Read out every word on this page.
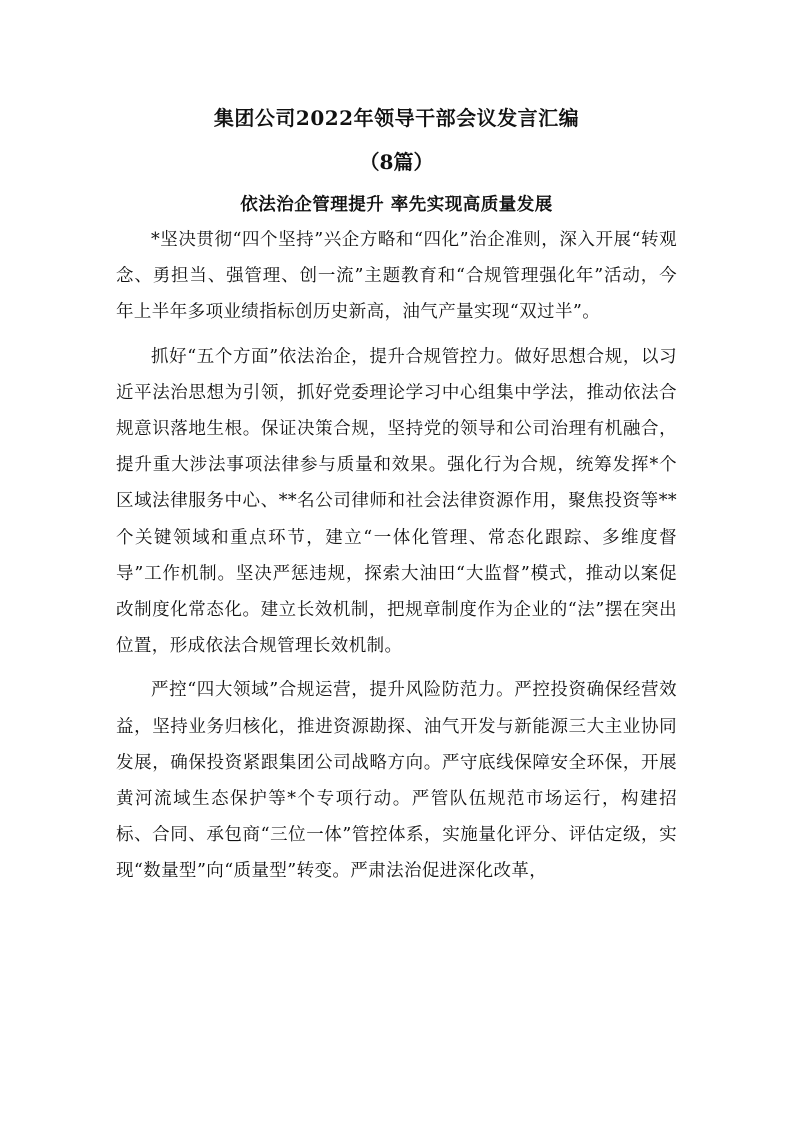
集团公司2022年领导干部会议发言汇编
（8篇）
依法治企管理提升 率先实现高质量发展

*坚决贯彻“四个坚持”兴企方略和“四化”治企准则，深入开展“转观念、勇担当、强管理、创一流”主题教育和“合规管理强化年”活动，今年上半年多项业绩指标创历史新高，油气产量实现“双过半”。

抓好“五个方面”依法治企，提升合规管控力。做好思想合规，以习近平法治思想为引领，抓好党委理论学习中心组集中学法，推动依法合规意识落地生根。保证决策合规，坚持党的领导和公司治理有机融合，提升重大涉法事项法律参与质量和效果。强化行为合规，统筹发挥*个区域法律服务中心、**名公司律师和社会法律资源作用，聚焦投资等**个关键领域和重点环节，建立“一体化管理、常态化跟踪、多维度督导”工作机制。坚决严惩违规，探索大油田“大监督”模式，推动以案促改制度化常态化。建立长效机制，把规章制度作为企业的“法”摆在突出位置，形成依法合规管理长效机制。

严控“四大领域”合规运营，提升风险防范力。严控投资确保经营效益，坚持业务归核化，推进资源勘探、油气开发与新能源三大主业协同发展，确保投资紧跟集团公司战略方向。严守底线保障安全环保，开展黄河流域生态保护等*个专项行动。严管队伍规范市场运行，构建招标、合同、承包商“三位一体”管控体系，实施量化评分、评估定级，实现“数量型”向“质量型”转变。严肃法治促进深化改革，
